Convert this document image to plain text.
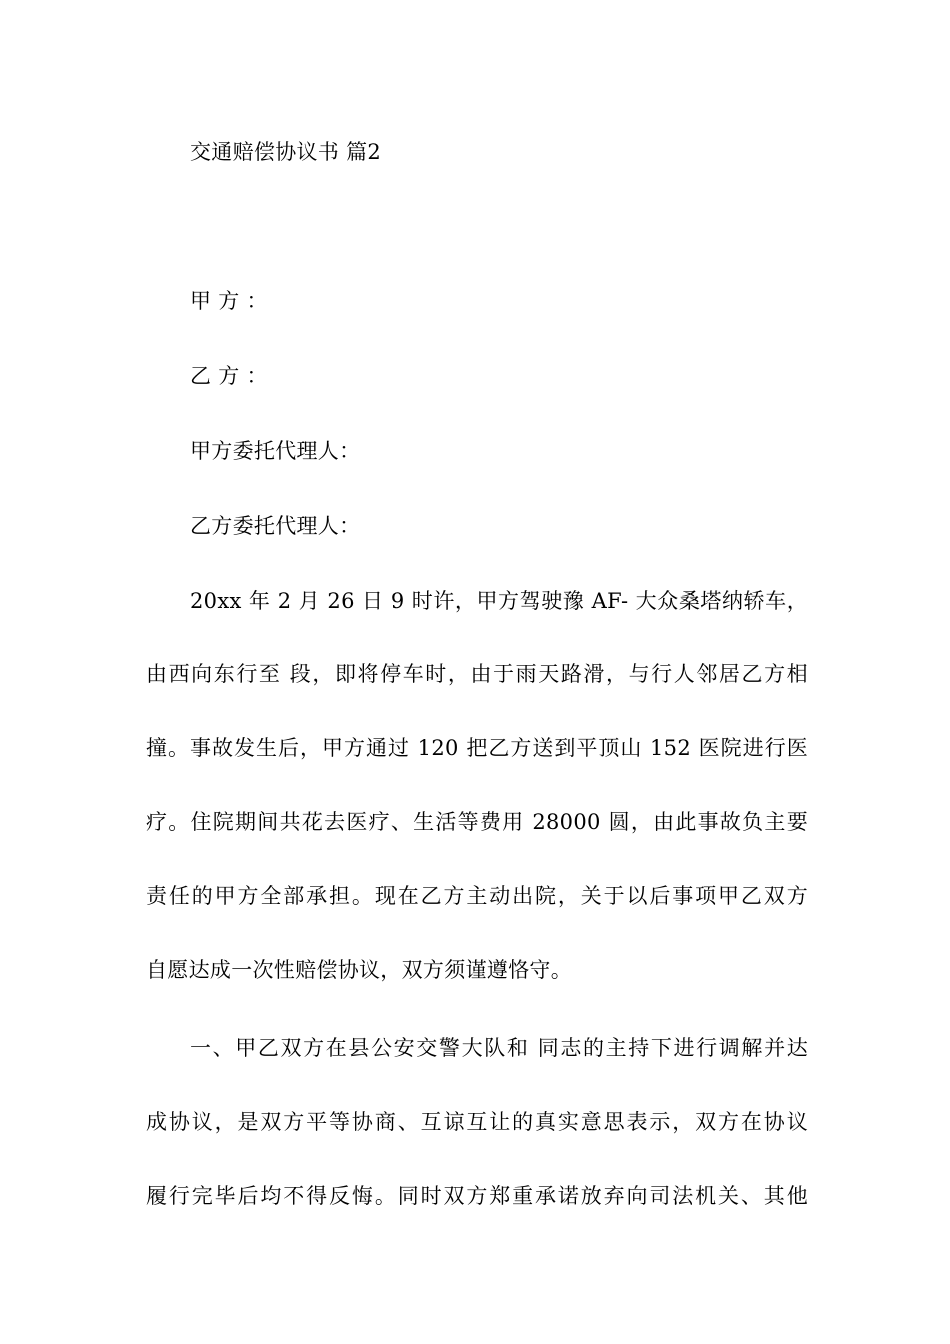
交通赔偿协议书 篇2
甲 方 ：
乙 方 ：
甲方委托代理人：
乙方委托代理人：
20xx 年 2 月 26 日 9 时许，甲方驾驶豫 AF- 大众桑塔纳轿车，
由西向东行至 段，即将停车时，由于雨天路滑，与行人邻居乙方相
撞。事故发生后，甲方通过 120 把乙方送到平顶山 152 医院进行医
疗。住院期间共花去医疗、生活等费用 28000 圆，由此事故负主要
责任的甲方全部承担。现在乙方主动出院，关于以后事项甲乙双方
自愿达成一次性赔偿协议，双方须谨遵恪守。
一、甲乙双方在县公安交警大队和 同志的主持下进行调解并达
成协议，是双方平等协商、互谅互让的真实意思表示，双方在协议
履行完毕后均不得反悔。同时双方郑重承诺放弃向司法机关、其他
